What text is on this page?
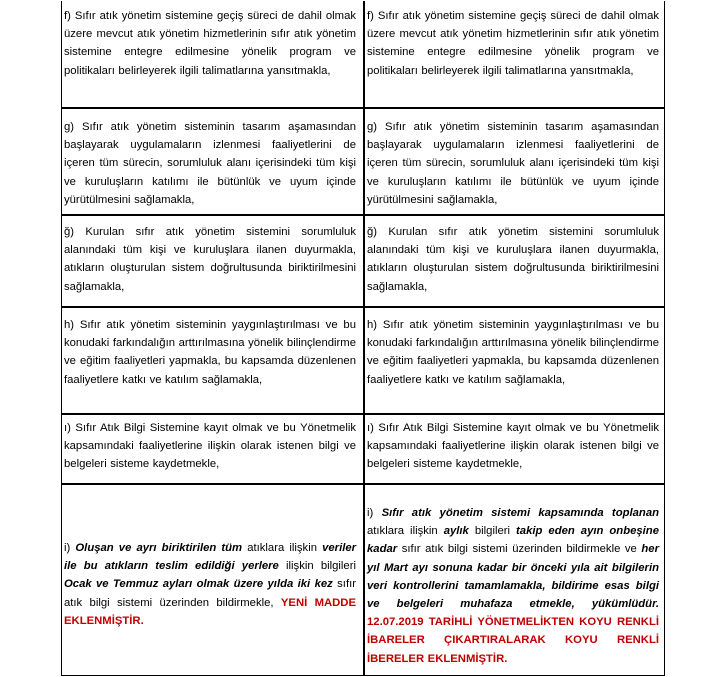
f) Sıfır atık yönetim sistemine geçiş süreci de dahil olmak üzere mevcut atık yönetim hizmetlerinin sıfır atık yönetim sistemine entegre edilmesine yönelik program ve politikaları belirleyerek ilgili talimatlarına yansıtmakla,
f) Sıfır atık yönetim sistemine geçiş süreci de dahil olmak üzere mevcut atık yönetim hizmetlerinin sıfır atık yönetim sistemine entegre edilmesine yönelik program ve politikaları belirleyerek ilgili talimatlarına yansıtmakla,
g) Sıfır atık yönetim sisteminin tasarım aşamasından başlayarak uygulamaların izlenmesi faaliyetlerini de içeren tüm sürecin, sorumluluk alanı içerisindeki tüm kişi ve kuruluşların katılımı ile bütünlük ve uyum içinde yürütülmesini sağlamakla,
g) Sıfır atık yönetim sisteminin tasarım aşamasından başlayarak uygulamaların izlenmesi faaliyetlerini de içeren tüm sürecin, sorumluluk alanı içerisindeki tüm kişi ve kuruluşların katılımı ile bütünlük ve uyum içinde yürütülmesini sağlamakla,
ğ) Kurulan sıfır atık yönetim sistemini sorumluluk alanındaki tüm kişi ve kuruluşlara ilanen duyurmakla, atıkların oluşturulan sistem doğrultusunda biriktirilmesini sağlamakla,
ğ) Kurulan sıfır atık yönetim sistemini sorumluluk alanındaki tüm kişi ve kuruluşlara ilanen duyurmakla, atıkların oluşturulan sistem doğrultusunda biriktirilmesini sağlamakla,
h) Sıfır atık yönetim sisteminin yaygınlaştırılması ve bu konudaki farkındalığın arttırılmasına yönelik bilinçlendirme ve eğitim faaliyetleri yapmakla, bu kapsamda düzenlenen faaliyetlere katkı ve katılım sağlamakla,
h) Sıfır atık yönetim sisteminin yaygınlaştırılması ve bu konudaki farkındalığın arttırılmasına yönelik bilinçlendirme ve eğitim faaliyetleri yapmakla, bu kapsamda düzenlenen faaliyetlere katkı ve katılım sağlamakla,
ı) Sıfır Atık Bilgi Sistemine kayıt olmak ve bu Yönetmelik kapsamındaki faaliyetlerine ilişkin olarak istenen bilgi ve belgeleri sisteme kaydetmekle,
ı) Sıfır Atık Bilgi Sistemine kayıt olmak ve bu Yönetmelik kapsamındaki faaliyetlerine ilişkin olarak istenen bilgi ve belgeleri sisteme kaydetmekle,
i) Oluşan ve ayrı biriktirilen tüm atıklara ilişkin veriler ile bu atıkların teslim edildiği yerlere ilişkin bilgileri Ocak ve Temmuz ayları olmak üzere yılda iki kez sıfır atık bilgi sistemi üzerinden bildirmekle, YENİ MADDE EKLENMİŞTİR.
i) Sıfır atık yönetim sistemi kapsamında toplanan atıklara ilişkin aylık bilgileri takip eden ayın onbeşine kadar sıfır atık bilgi sistemi üzerinden bildirmekle ve her yıl Mart ayı sonuna kadar bir önceki yıla ait bilgilerin veri kontrollerini tamamlamakla, bildirime esas bilgi ve belgeleri muhafaza etmekle, yükümlüdür. 12.07.2019 TARİHLİ YÖNETMELİKTEN KOYU RENKLİ İBARELER ÇIKARTIRALARAK KOYU RENKLİ İBERELER EKLENMİŞTİR.
